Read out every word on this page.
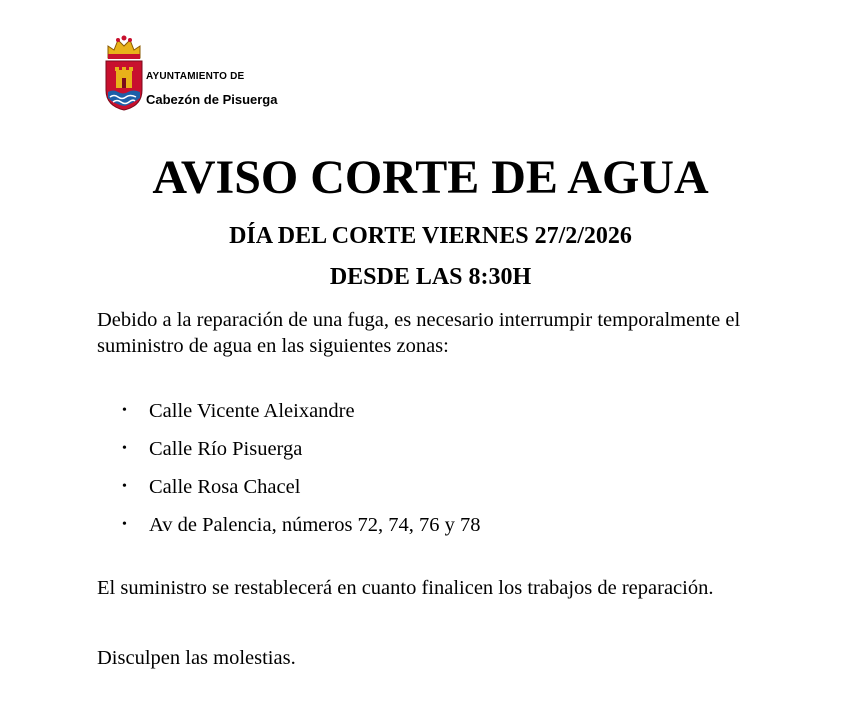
AYUNTAMIENTO DE
Cabezón de Pisuerga
AVISO CORTE DE AGUA
DÍA DEL CORTE VIERNES 27/2/2026
DESDE LAS 8:30H
Debido a la reparación de una fuga, es necesario interrumpir temporalmente el suministro de agua en las siguientes zonas:
• Calle Vicente Aleixandre
• Calle Río Pisuerga
• Calle Rosa Chacel
• Av de Palencia, números 72, 74, 76 y 78
El suministro se restablecerá en cuanto finalicen los trabajos de reparación.
Disculpen las molestias.
